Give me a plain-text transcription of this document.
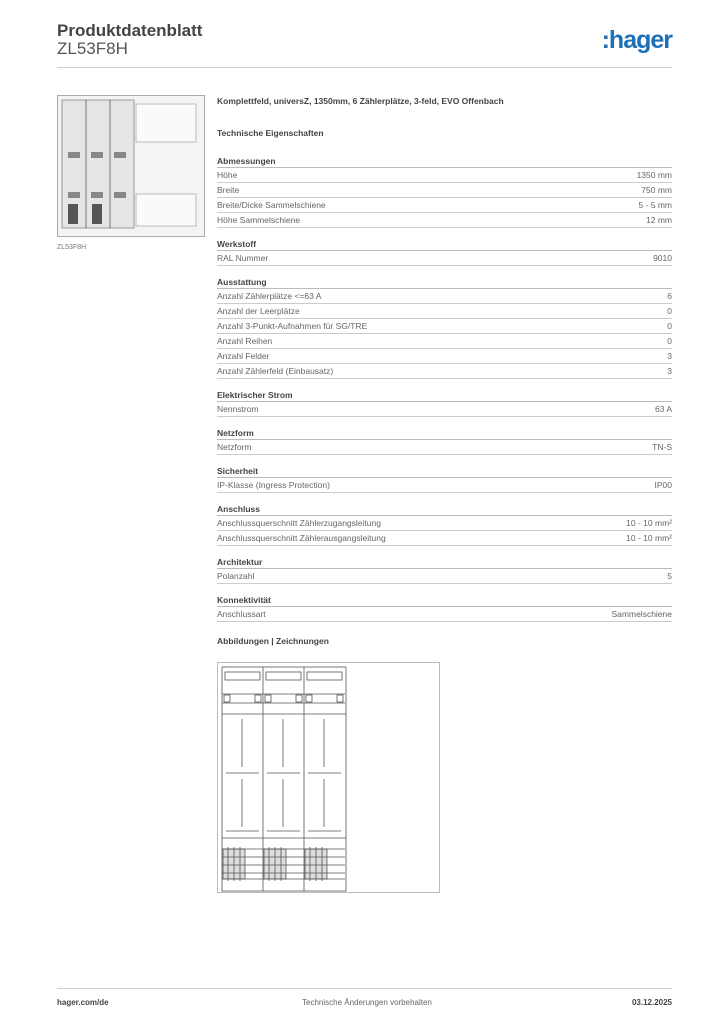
Produktdatenblatt
ZL53F8H	:hager
ZL53F8H
Komplettfeld, universZ, 1350mm, 6 Zählerplätze, 3-feld, EVO Offenbach
Technische Eigenschaften
Abmessungen
Höhe	1350 mm
Breite	750 mm
Breite/Dicke Sammelschiene	5 - 5 mm
Höhe Sammelschiene	12 mm
Werkstoff
RAL Nummer	9010
Ausstattung
Anzahl Zählerplätze <=63 A	6
Anzahl der Leerplätze	0
Anzahl 3-Punkt-Aufnahmen für SG/TRE	0
Anzahl Reihen	0
Anzahl Felder	3
Anzahl Zählerfeld (Einbausatz)	3
Elektrischer Strom
Nennstrom	63 A
Netzform
Netzform	TN-S
Sicherheit
IP-Klasse (Ingress Protection)	IP00
Anschluss
Anschlussquerschnitt Zählerzugangsleitung	10 - 10 mm²
Anschlussquerschnitt Zählerausgangsleitung	10 - 10 mm²
Architektur
Polanzahl	5
Konnektivität
Anschlussart	Sammelschiene
Abbildungen | Zeichnungen
hager.com/de	Technische Änderungen vorbehalten	03.12.2025
